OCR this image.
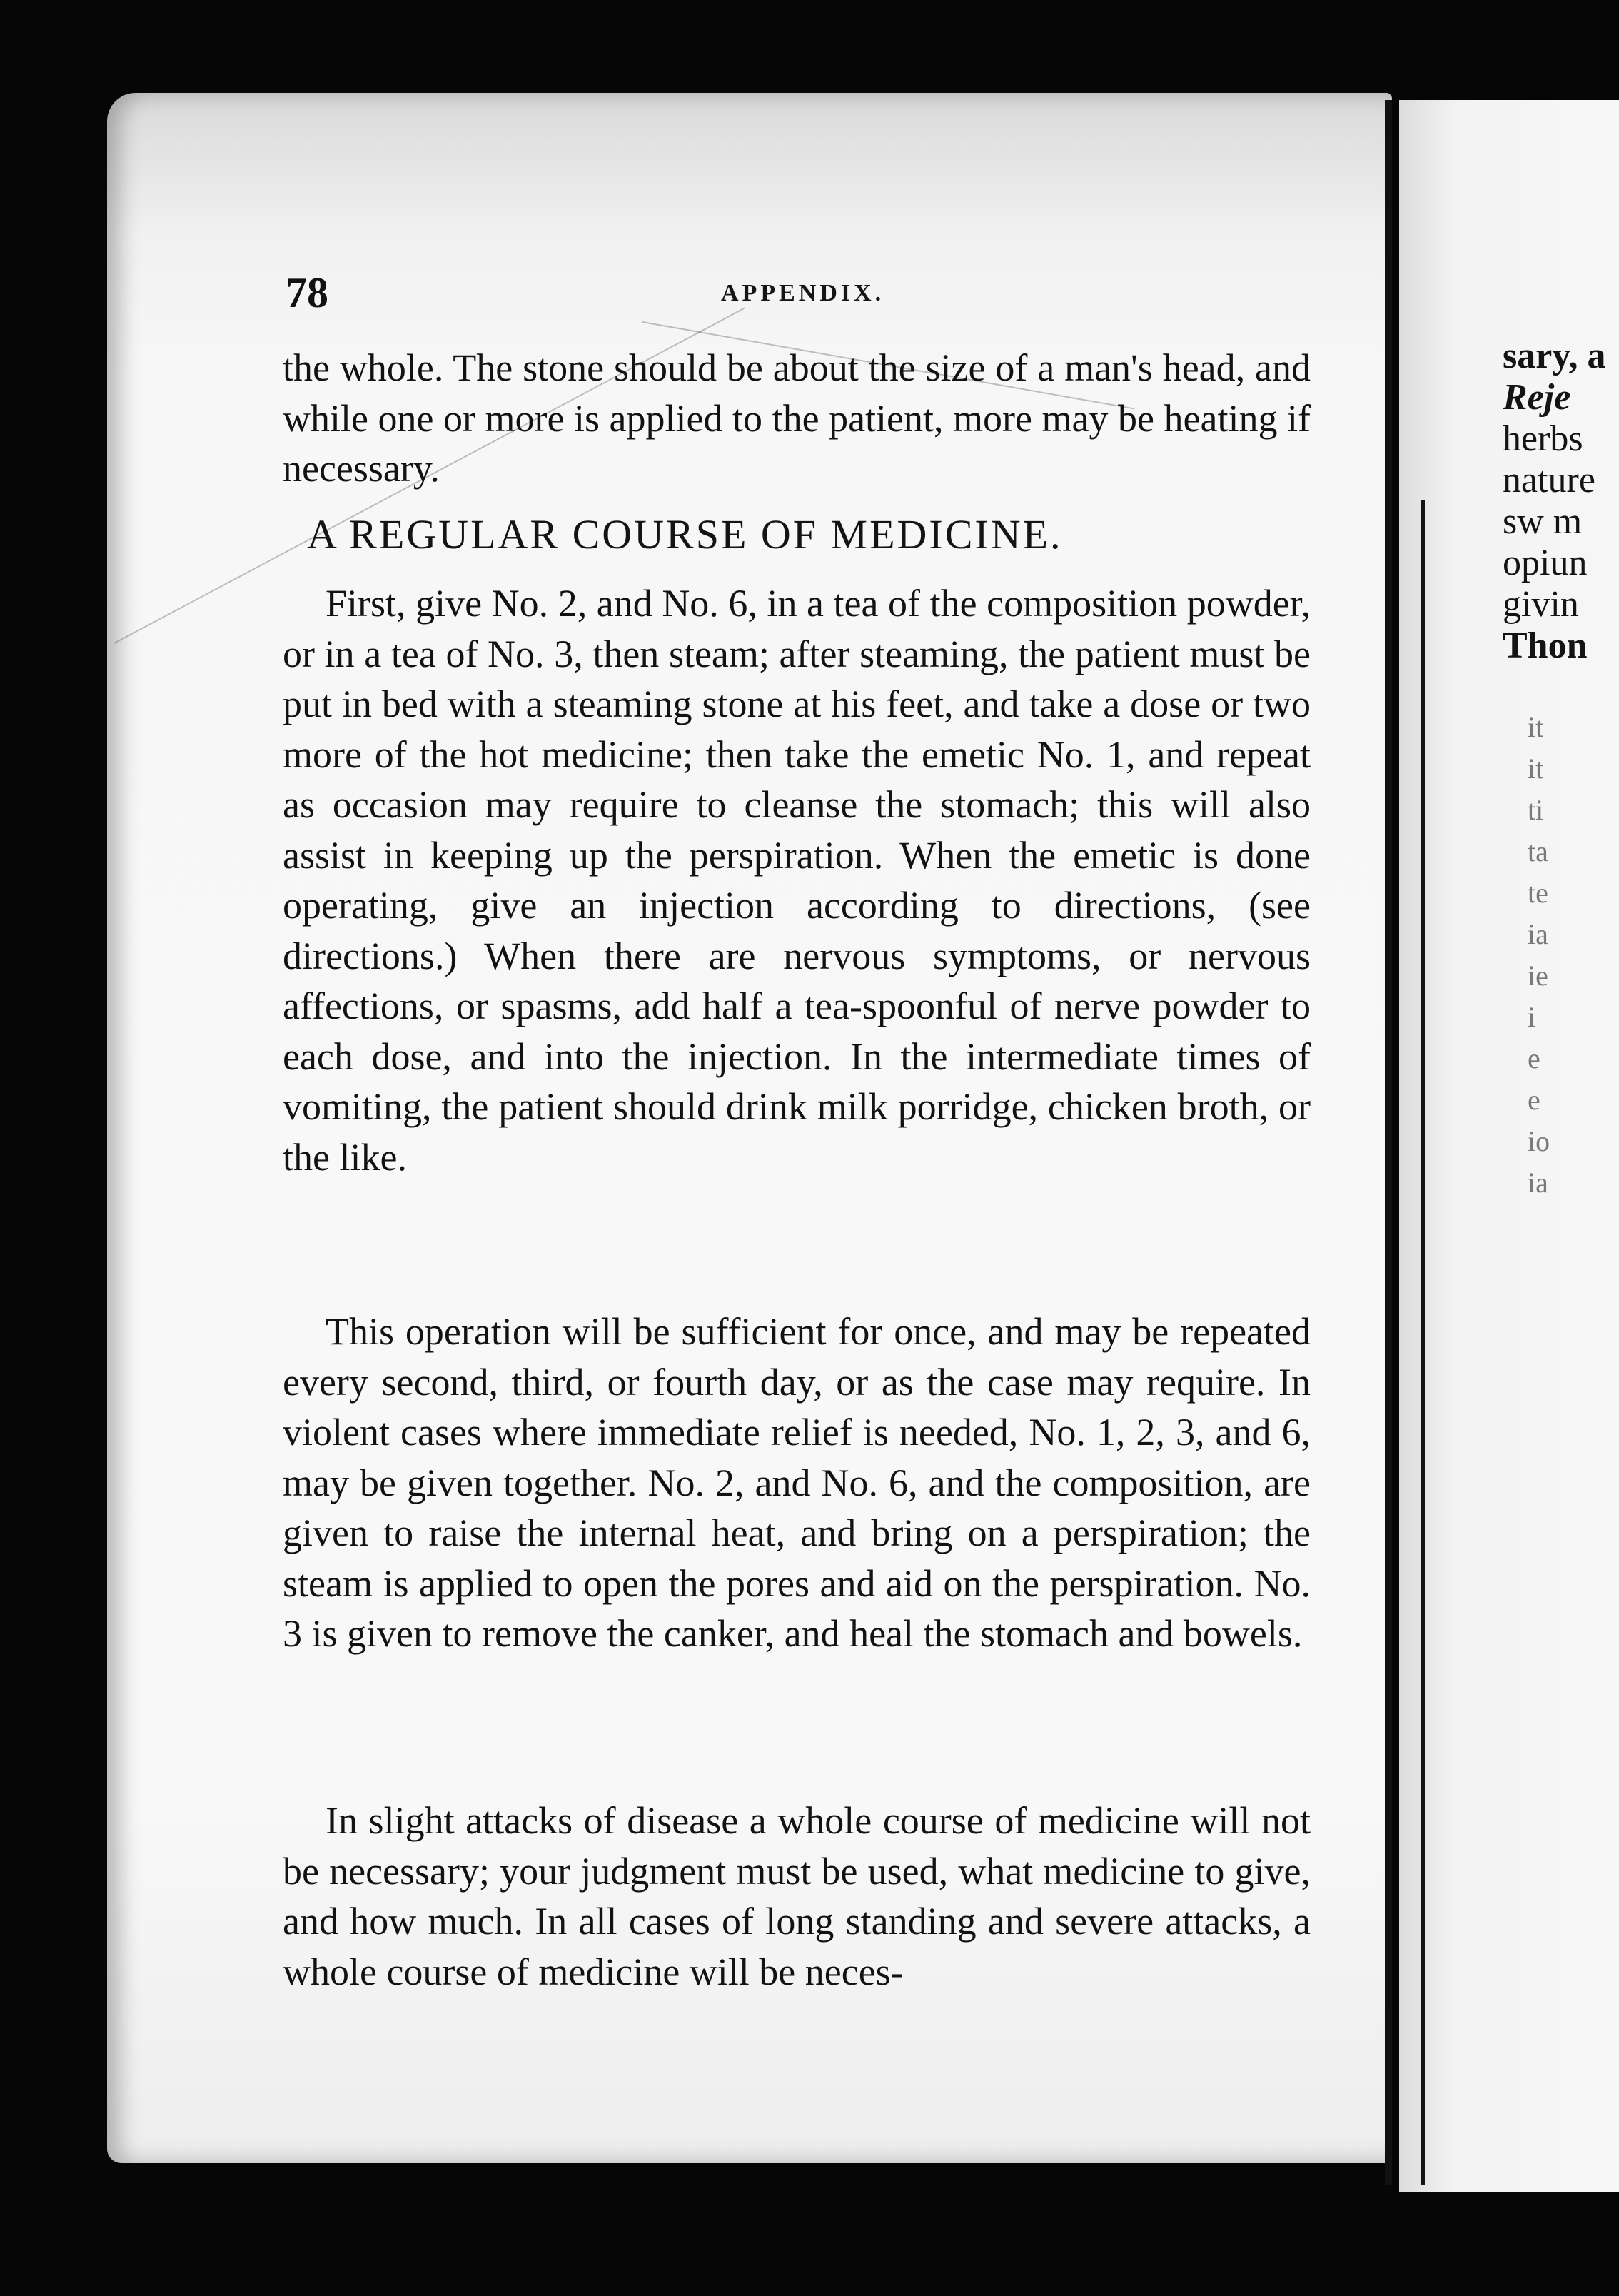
78	APPENDIX.
the whole. The stone should be about the size of a man's head, and while one or more is applied to the patient, more may be heating if necessary.
A REGULAR COURSE OF MEDICINE.
First, give No. 2, and No. 6, in a tea of the composition powder, or in a tea of No. 3, then steam; after steaming, the patient must be put in bed with a steaming stone at his feet, and take a dose or two more of the hot medicine; then take the emetic No. 1, and repeat as occasion may require to cleanse the stomach; this will also assist in keeping up the perspiration. When the emetic is done operating, give an injection according to directions, (see directions.) When there are nervous symptoms, or nervous affections, or spasms, add half a tea-spoonful of nerve powder to each dose, and into the injection. In the intermediate times of vomiting, the patient should drink milk porridge, chicken broth, or the like.
This operation will be sufficient for once, and may be repeated every second, third, or fourth day, or as the case may require. In violent cases where immediate relief is needed, No. 1, 2, 3, and 6, may be given together. No. 2, and No. 6, and the composition, are given to raise the internal heat, and bring on a perspiration; the steam is applied to open the pores and aid on the perspiration. No. 3 is given to remove the canker, and heal the stomach and bowels.
In slight attacks of disease a whole course of medicine will not be necessary; your judgment must be used, what medicine to give, and how much. In all cases of long standing and severe attacks, a whole course of medicine will be neces-
sary, a
Reje
herbs
nature
sw m
opiun
givin
Thon
it
it
ti
ta
te
ia
ie
i
e
e
io
ia
